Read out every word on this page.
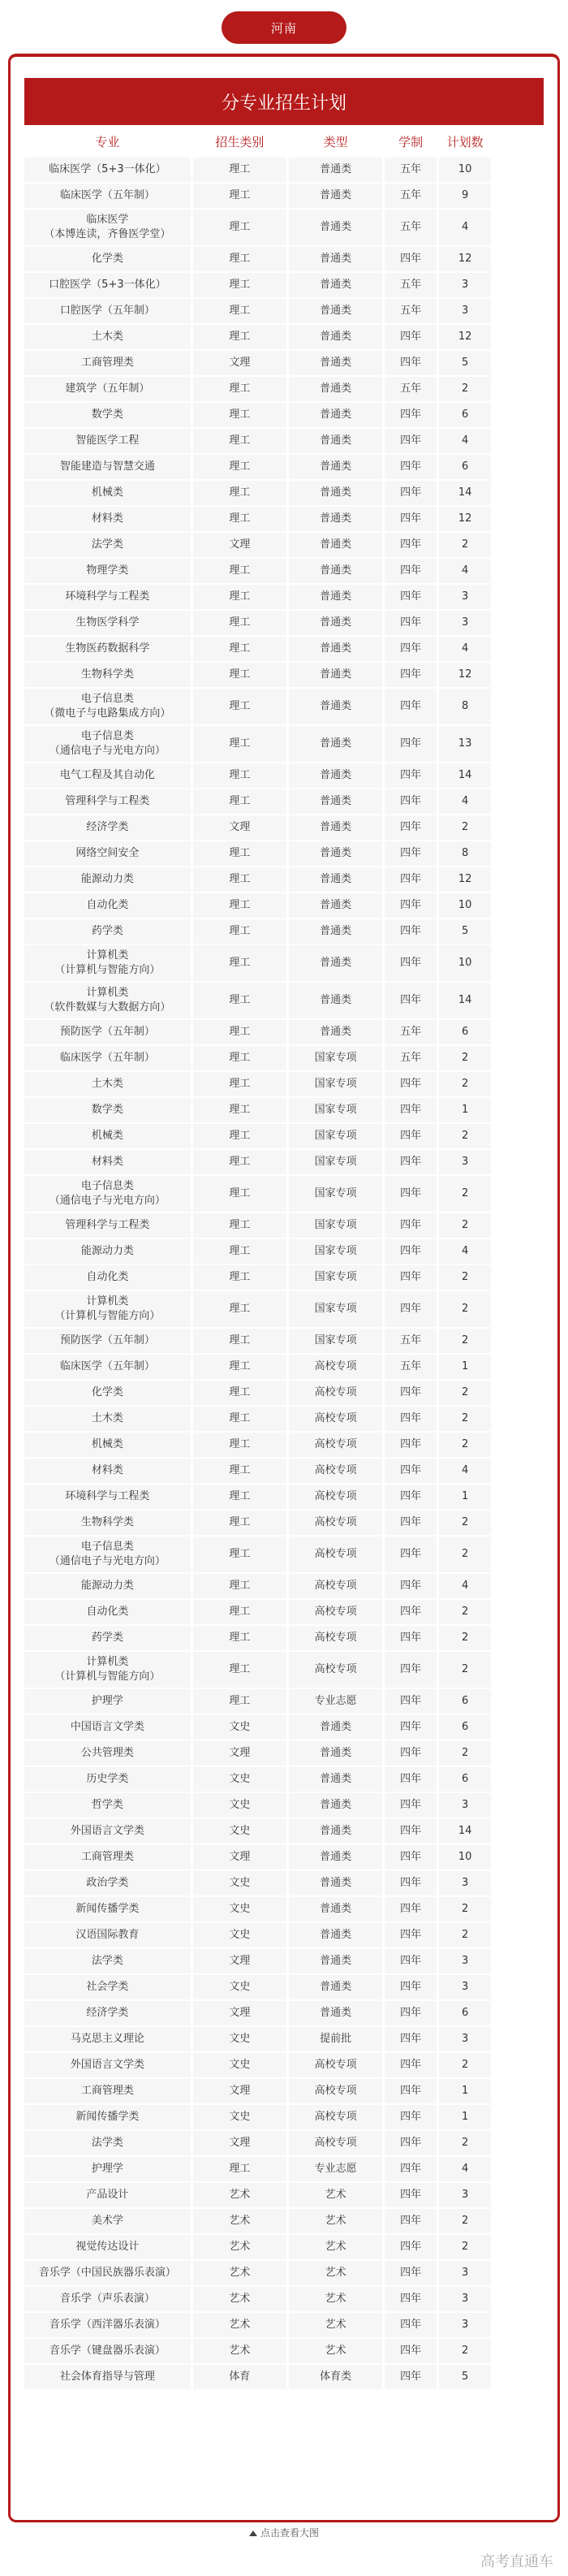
河南
分专业招生计划
专业	招生类别	类型	学制	计划数
临床医学（5+3一体化）	理工	普通类	五年	10
临床医学（五年制）	理工	普通类	五年	9
临床医学
（本博连读，齐鲁医学堂）
理工	普通类	五年	4
化学类	理工	普通类	四年	12
口腔医学（5+3一体化）	理工	普通类	五年	3
口腔医学（五年制）	理工	普通类	五年	3
土木类	理工	普通类	四年	12
工商管理类	文理	普通类	四年	5
建筑学（五年制）	理工	普通类	五年	2
数学类	理工	普通类	四年	6
智能医学工程	理工	普通类	四年	4
智能建造与智慧交通	理工	普通类	四年	6
机械类	理工	普通类	四年	14
材料类	理工	普通类	四年	12
法学类	文理	普通类	四年	2
物理学类	理工	普通类	四年	4
环境科学与工程类	理工	普通类	四年	3
生物医学科学	理工	普通类	四年	3
生物医药数据科学	理工	普通类	四年	4
生物科学类	理工	普通类	四年	12
电子信息类
（微电子与电路集成方向）
理工	普通类	四年	8
电子信息类
（通信电子与光电方向）
理工	普通类	四年	13
电气工程及其自动化	理工	普通类	四年	14
管理科学与工程类	理工	普通类	四年	4
经济学类	文理	普通类	四年	2
网络空间安全	理工	普通类	四年	8
能源动力类	理工	普通类	四年	12
自动化类	理工	普通类	四年	10
药学类	理工	普通类	四年	5
计算机类
（计算机与智能方向）
理工	普通类	四年	10
计算机类
（软件数媒与大数据方向）
理工	普通类	四年	14
预防医学（五年制）	理工	普通类	五年	6
临床医学（五年制）	理工	国家专项	五年	2
土木类	理工	国家专项	四年	2
数学类	理工	国家专项	四年	1
机械类	理工	国家专项	四年	2
材料类	理工	国家专项	四年	3
电子信息类
（通信电子与光电方向）
理工	国家专项	四年	2
管理科学与工程类	理工	国家专项	四年	2
能源动力类	理工	国家专项	四年	4
自动化类	理工	国家专项	四年	2
计算机类
（计算机与智能方向）
理工	国家专项	四年	2
预防医学（五年制）	理工	国家专项	五年	2
临床医学（五年制）	理工	高校专项	五年	1
化学类	理工	高校专项	四年	2
土木类	理工	高校专项	四年	2
机械类	理工	高校专项	四年	2
材料类	理工	高校专项	四年	4
环境科学与工程类	理工	高校专项	四年	1
生物科学类	理工	高校专项	四年	2
电子信息类
（通信电子与光电方向）
理工	高校专项	四年	2
能源动力类	理工	高校专项	四年	4
自动化类	理工	高校专项	四年	2
药学类	理工	高校专项	四年	2
计算机类
（计算机与智能方向）
理工	高校专项	四年	2
护理学	理工	专业志愿	四年	6
中国语言文学类	文史	普通类	四年	6
公共管理类	文理	普通类	四年	2
历史学类	文史	普通类	四年	6
哲学类	文史	普通类	四年	3
外国语言文学类	文史	普通类	四年	14
工商管理类	文理	普通类	四年	10
政治学类	文史	普通类	四年	3
新闻传播学类	文史	普通类	四年	2
汉语国际教育	文史	普通类	四年	2
法学类	文理	普通类	四年	3
社会学类	文史	普通类	四年	3
经济学类	文理	普通类	四年	6
马克思主义理论	文史	提前批	四年	3
外国语言文学类	文史	高校专项	四年	2
工商管理类	文理	高校专项	四年	1
新闻传播学类	文史	高校专项	四年	1
法学类	文理	高校专项	四年	2
护理学	理工	专业志愿	四年	4
产品设计	艺术	艺术	四年	3
美术学	艺术	艺术	四年	2
视觉传达设计	艺术	艺术	四年	2
音乐学（中国民族器乐表演）	艺术	艺术	四年	3
音乐学（声乐表演）	艺术	艺术	四年	3
音乐学（西洋器乐表演）	艺术	艺术	四年	3
音乐学（键盘器乐表演）	艺术	艺术	四年	2
社会体育指导与管理	体育	体育类	四年	5
点击查看大图
高考直通车
